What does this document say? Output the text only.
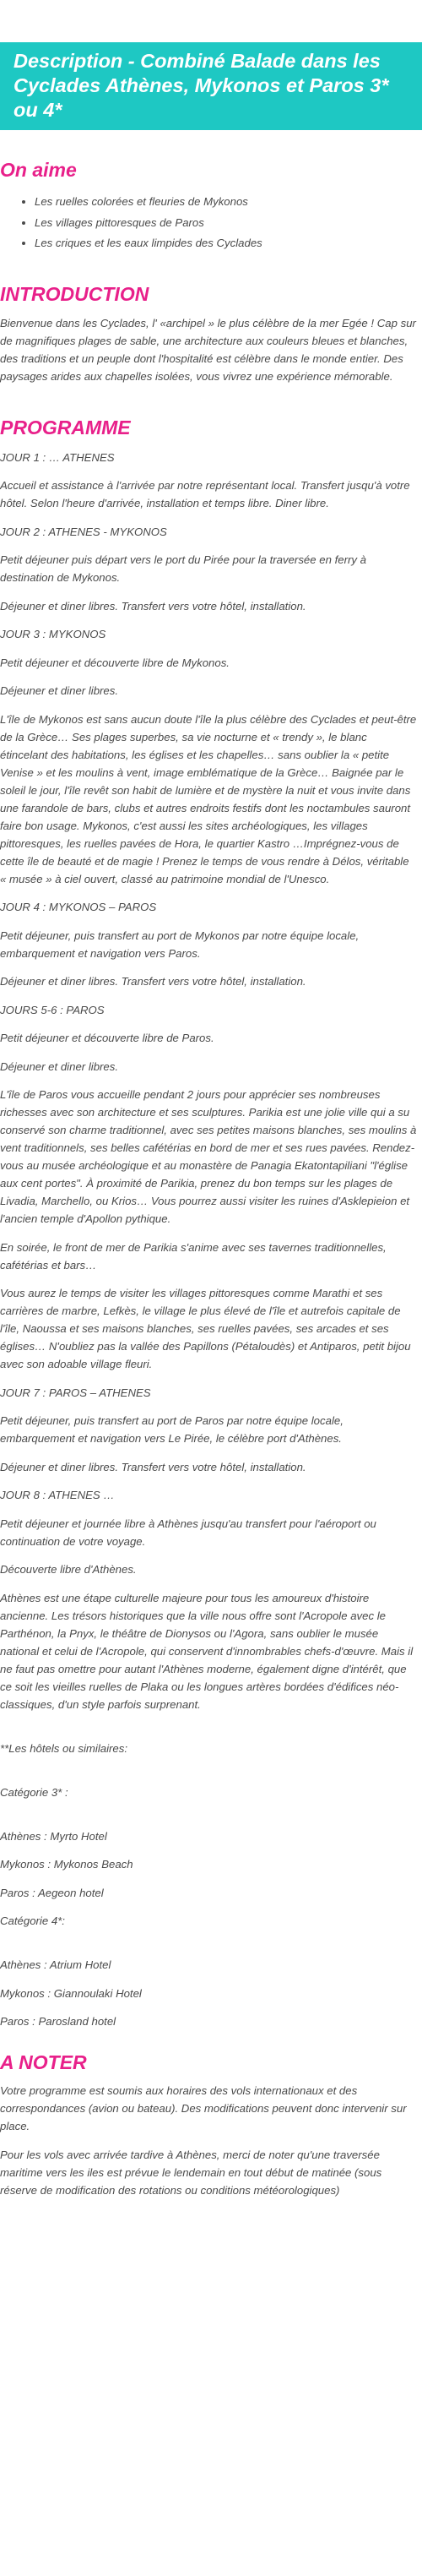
Description - Combiné Balade dans les Cyclades Athènes, Mykonos et Paros 3* ou 4*
On aime
• Les ruelles colorées et fleuries de Mykonos
• Les villages pittoresques de Paros
• Les criques et les eaux limpides des Cyclades
INTRODUCTION

Bienvenue dans les Cyclades, l' «archipel » le plus célèbre de la mer Egée ! Cap sur de magnifiques plages de sable, une architecture aux couleurs bleues et blanches, des traditions et un peuple dont l'hospitalité est célèbre dans le monde entier. Des paysages arides aux chapelles isolées, vous vivrez une expérience mémorable.

PROGRAMME

JOUR 1 : … ATHENES

Accueil et assistance à l'arrivée par notre représentant local. Transfert jusqu'à votre hôtel. Selon l'heure d'arrivée, installation et temps libre. Diner libre.

JOUR 2 : ATHENES - MYKONOS

Petit déjeuner puis départ vers le port du Pirée pour la traversée en ferry à destination de Mykonos.

Déjeuner et diner libres. Transfert vers votre hôtel, installation.

JOUR 3 : MYKONOS

Petit déjeuner et découverte libre de Mykonos.

Déjeuner et diner libres.

L'île de Mykonos est sans aucun doute l'île la plus célèbre des Cyclades et peut-être de la Grèce… Ses plages superbes, sa vie nocturne et « trendy », le blanc étincelant des habitations, les églises et les chapelles… sans oublier la « petite Venise » et les moulins à vent, image emblématique de la Grèce… Baignée par le soleil le jour, l'île revêt son habit de lumière et de mystère la nuit et vous invite dans une farandole de bars, clubs et autres endroits festifs dont les noctambules sauront faire bon usage. Mykonos, c'est aussi les sites archéologiques, les villages pittoresques, les ruelles pavées de Hora, le quartier Kastro …Imprégnez-vous de cette île de beauté et de magie ! Prenez le temps de vous rendre à Délos, véritable « musée » à ciel ouvert, classé au patrimoine mondial de l'Unesco.

JOUR 4 : MYKONOS – PAROS

Petit déjeuner, puis transfert au port de Mykonos par notre équipe locale, embarquement et navigation vers Paros.

Déjeuner et diner libres. Transfert vers votre hôtel, installation.

JOURS 5-6 : PAROS

Petit déjeuner et découverte libre de Paros.

Déjeuner et diner libres.

L'île de Paros vous accueille pendant 2 jours pour apprécier ses nombreuses richesses avec son architecture et ses sculptures. Parikia est une jolie ville qui a su conservé son charme traditionnel, avec ses petites maisons blanches, ses moulins à vent traditionnels, ses belles cafétérias en bord de mer et ses rues pavées. Rendez-vous au musée archéologique et au monastère de Panagia Ekatontapiliani "l'église aux cent portes". À proximité de Parikia, prenez du bon temps sur les plages de Livadia, Marchello, ou Krios… Vous pourrez aussi visiter les ruines d'Asklepieion et l'ancien temple d'Apollon pythique.

En soirée, le front de mer de Parikia s'anime avec ses tavernes traditionnelles, cafétérias et bars…

Vous aurez le temps de visiter les villages pittoresques comme Marathi et ses carrières de marbre, Lefkès, le village le plus élevé de l'île et autrefois capitale de l'île, Naoussa et ses maisons blanches, ses ruelles pavées, ses arcades et ses églises… N'oubliez pas la vallée des Papillons (Pétaloudès) et Antiparos, petit bijou avec son adoable village fleuri.

JOUR 7 : PAROS – ATHENES

Petit déjeuner, puis transfert au port de Paros par notre équipe locale, embarquement et navigation vers Le Pirée, le célèbre port d'Athènes.

Déjeuner et diner libres. Transfert vers votre hôtel, installation.

JOUR 8 : ATHENES …

Petit déjeuner et journée libre à Athènes jusqu'au transfert pour l'aéroport ou continuation de votre voyage.

Découverte libre d'Athènes.

Athènes est une étape culturelle majeure pour tous les amoureux d'histoire ancienne. Les trésors historiques que la ville nous offre sont l'Acropole avec le Parthénon, la Pnyx, le théâtre de Dionysos ou l'Agora, sans oublier le musée national et celui de l'Acropole, qui conservent d'innombrables chefs-d'œuvre. Mais il ne faut pas omettre pour autant l'Athènes moderne, également digne d'intérêt, que ce soit les vieilles ruelles de Plaka ou les longues artères bordées d'édifices néo-classiques, d'un style parfois surprenant.

**Les hôtels ou similaires:

Catégorie 3* :

Athènes : Myrto Hotel

Mykonos : Mykonos Beach

Paros : Aegeon hotel

Catégorie 4*:

Athènes : Atrium Hotel

Mykonos : Giannoulaki Hotel

Paros : Parosland hotel

A NOTER

Votre programme est soumis aux horaires des vols internationaux et des correspondances (avion ou bateau). Des modifications peuvent donc intervenir sur place.

Pour les vols avec arrivée tardive à Athènes, merci de noter qu'une traversée maritime vers les iles est prévue le lendemain en tout début de matinée (sous réserve de modification des rotations ou conditions météorologiques)
